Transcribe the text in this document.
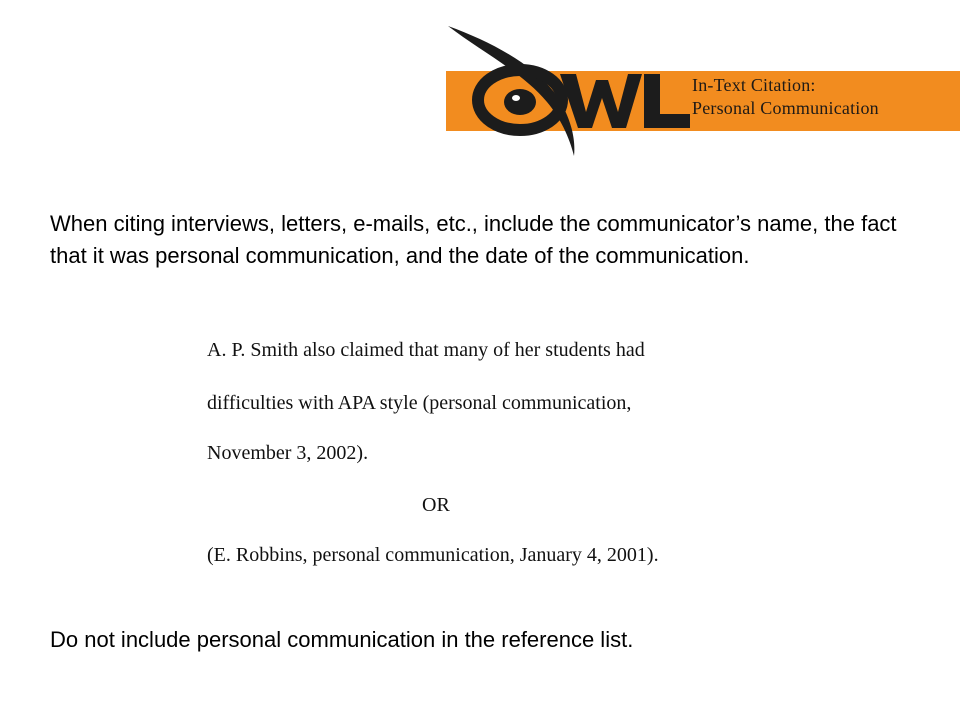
In-Text Citation:
Personal Communication
When citing interviews, letters, e-mails, etc., include the communicator’s name, the fact that it was personal communication, and the date of the communication.
A. P. Smith also claimed that many of her students had
difficulties with APA style (personal communication,
November 3, 2002).
OR
(E. Robbins, personal communication, January 4, 2001).
Do not include personal communication in the reference list.
